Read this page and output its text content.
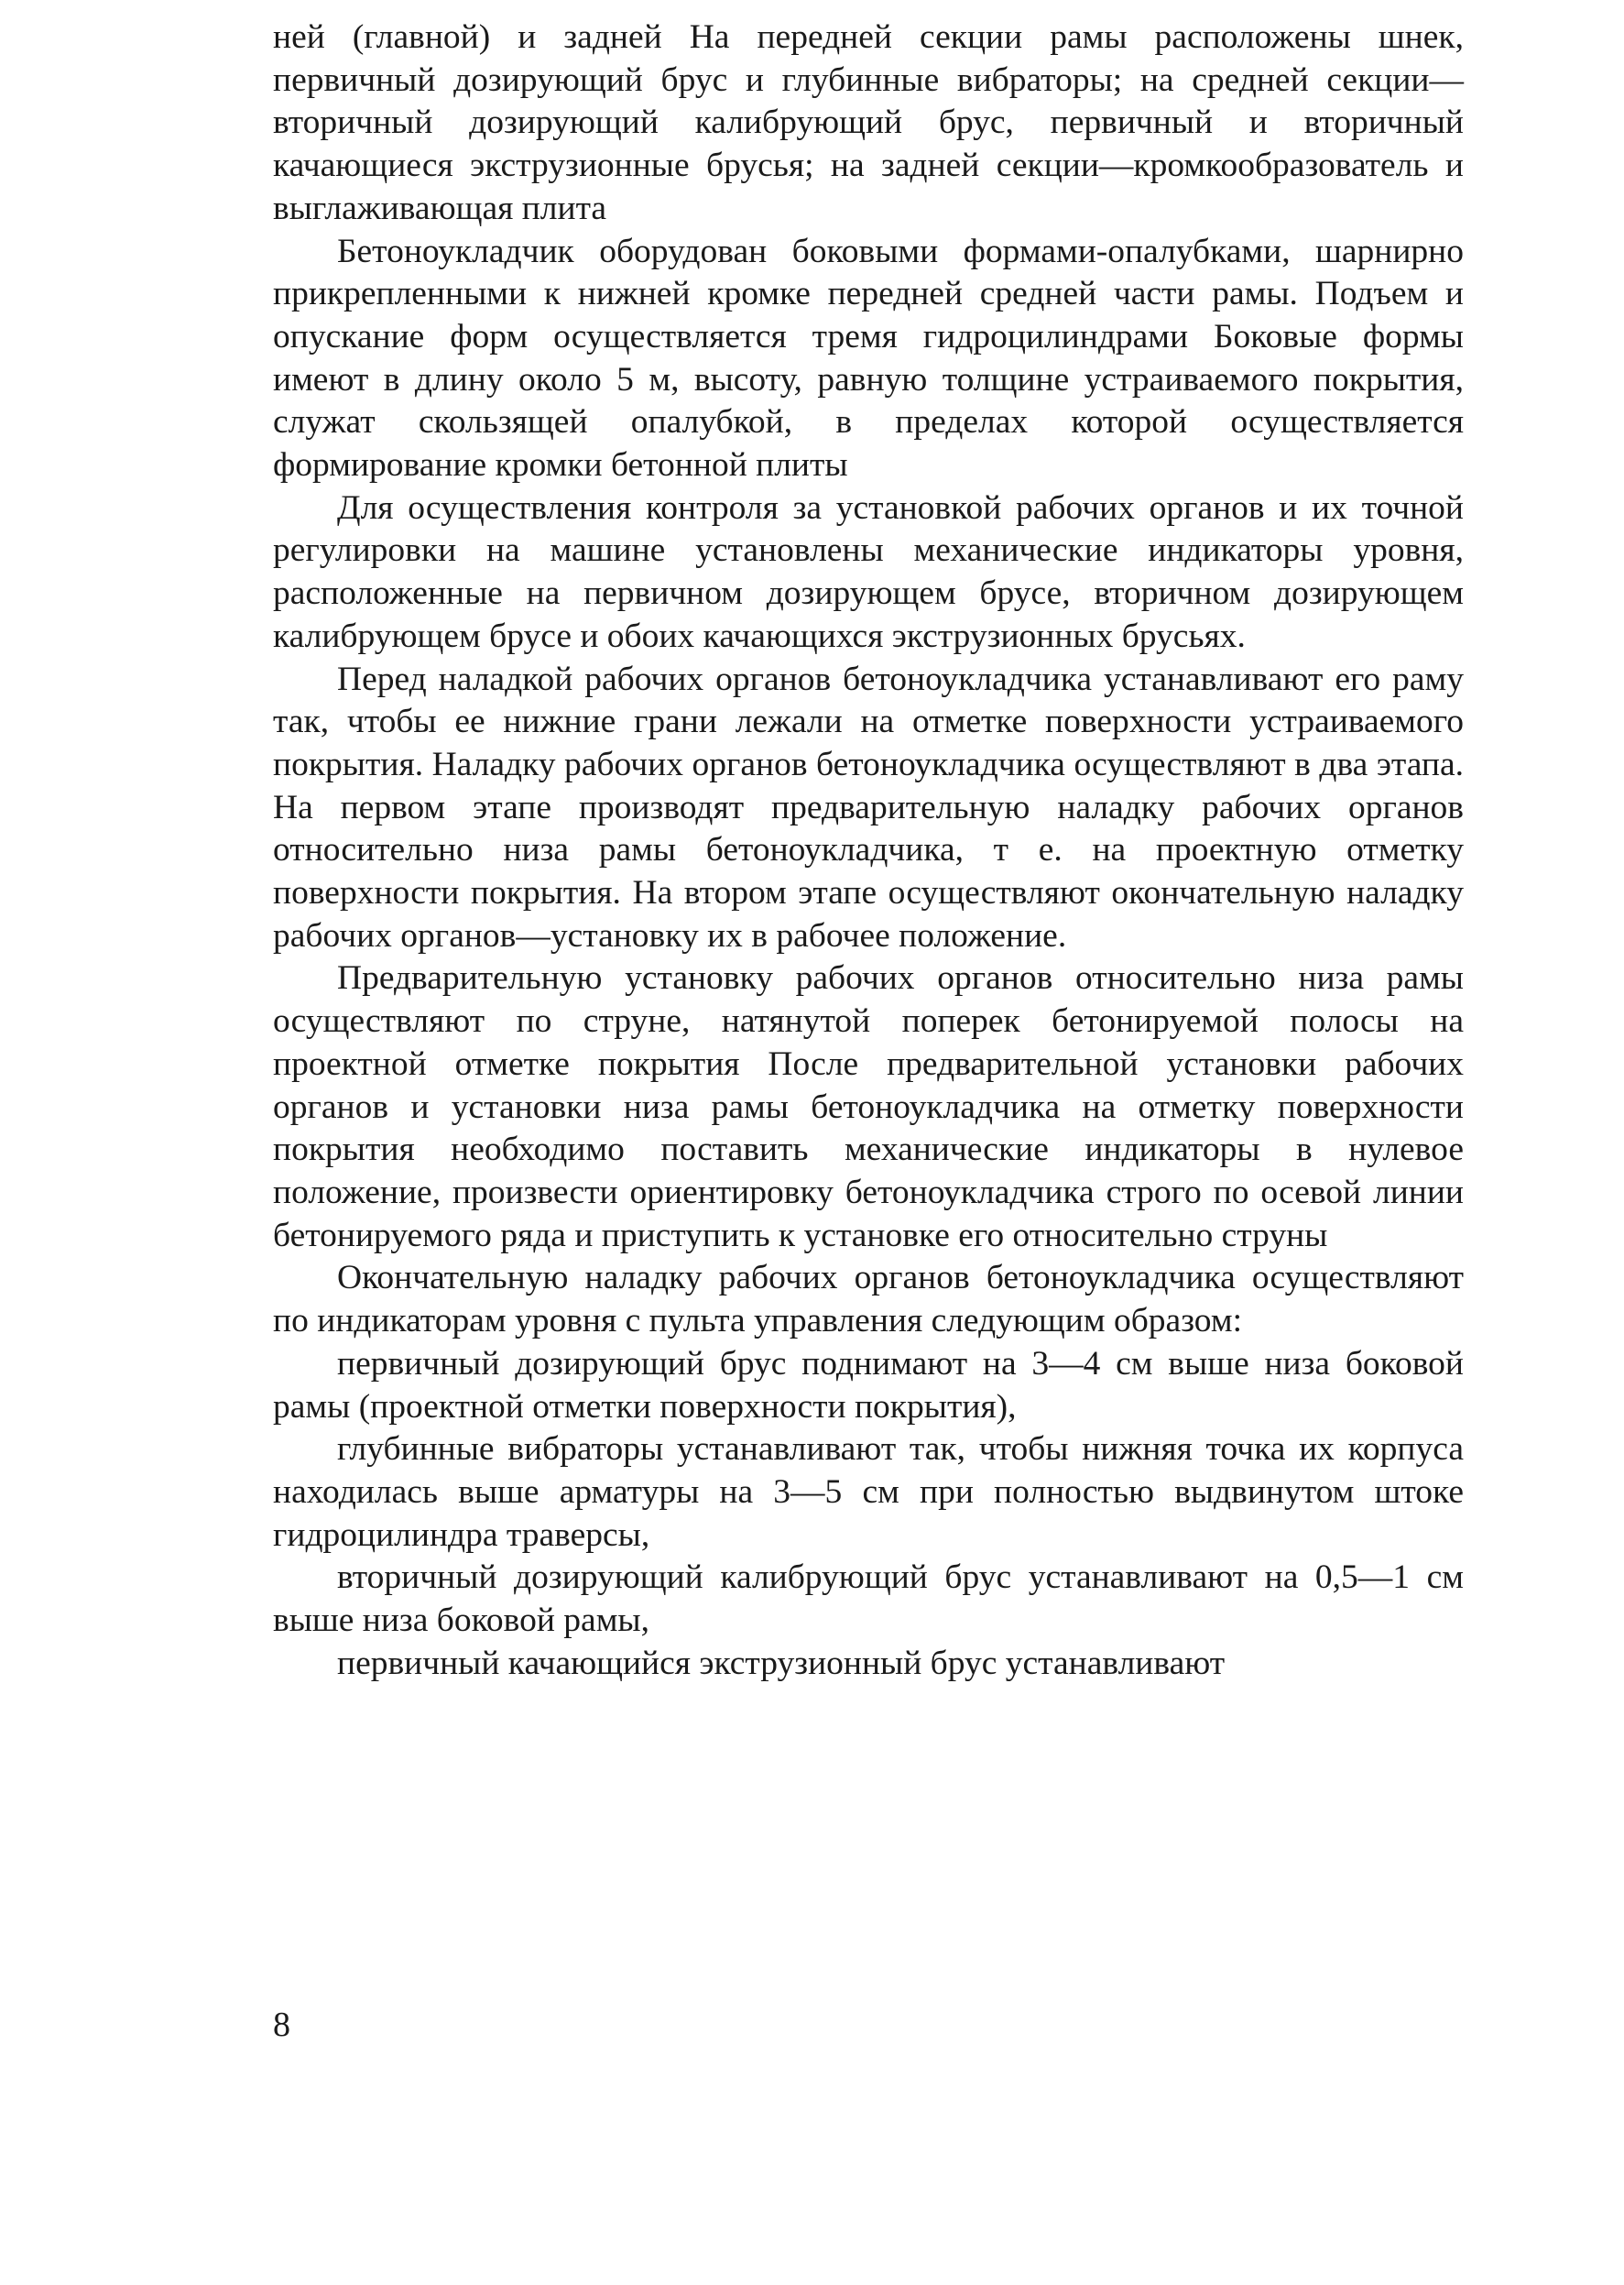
ней (главной) и задней На передней секции рамы расположены шнек, первичный дозирующий брус и глубинные вибраторы; на средней секции—вторичный дозирующий калибрующий брус, первичный и вторичный качающиеся экструзионные брусья; на задней секции—кромкообразователь и выглаживающая плита

Бетоноукладчик оборудован боковыми формами-опалубками, шарнирно прикрепленными к нижней кромке передней средней части рамы. Подъем и опускание форм осуществляется тремя гидроцилиндрами Боковые формы имеют в длину около 5 м, высоту, равную толщине устраиваемого покрытия, служат скользящей опалубкой, в пределах которой осуществляется формирование кромки бетонной плиты

Для осуществления контроля за установкой рабочих органов и их точной регулировки на машине установлены механические индикаторы уровня, расположенные на первичном дозирующем брусе, вторичном дозирующем калибрующем брусе и обоих качающихся экструзионных брусьях.

Перед наладкой рабочих органов бетоноукладчика устанавливают его раму так, чтобы ее нижние грани лежали на отметке поверхности устраиваемого покрытия. Наладку рабочих органов бетоноукладчика осуществляют в два этапа. На первом этапе производят предварительную наладку рабочих органов относительно низа рамы бетоноукладчика, т е. на проектную отметку поверхности покрытия. На втором этапе осуществляют окончательную наладку рабочих органов—установку их в рабочее положение.

Предварительную установку рабочих органов относительно низа рамы осуществляют по струне, натянутой поперек бетонируемой полосы на проектной отметке покрытия После предварительной установки рабочих органов и установки низа рамы бетоноукладчика на отметку поверхности покрытия необходимо поставить механические индикаторы в нулевое положение, произвести ориентировку бетоноукладчика строго по осевой линии бетонируемого ряда и приступить к установке его относительно струны

Окончательную наладку рабочих органов бетоноукладчика осуществляют по индикаторам уровня с пульта управления следующим образом:

первичный дозирующий брус поднимают на 3—4 см выше низа боковой рамы (проектной отметки поверхности покрытия),

глубинные вибраторы устанавливают так, чтобы нижняя точка их корпуса находилась выше арматуры на 3—5 см при полностью выдвинутом штоке гидроцилиндра траверсы,

вторичный дозирующий калибрующий брус устанавливают на 0,5—1 см выше низа боковой рамы,

первичный качающийся экструзионный брус устанавливают

8
